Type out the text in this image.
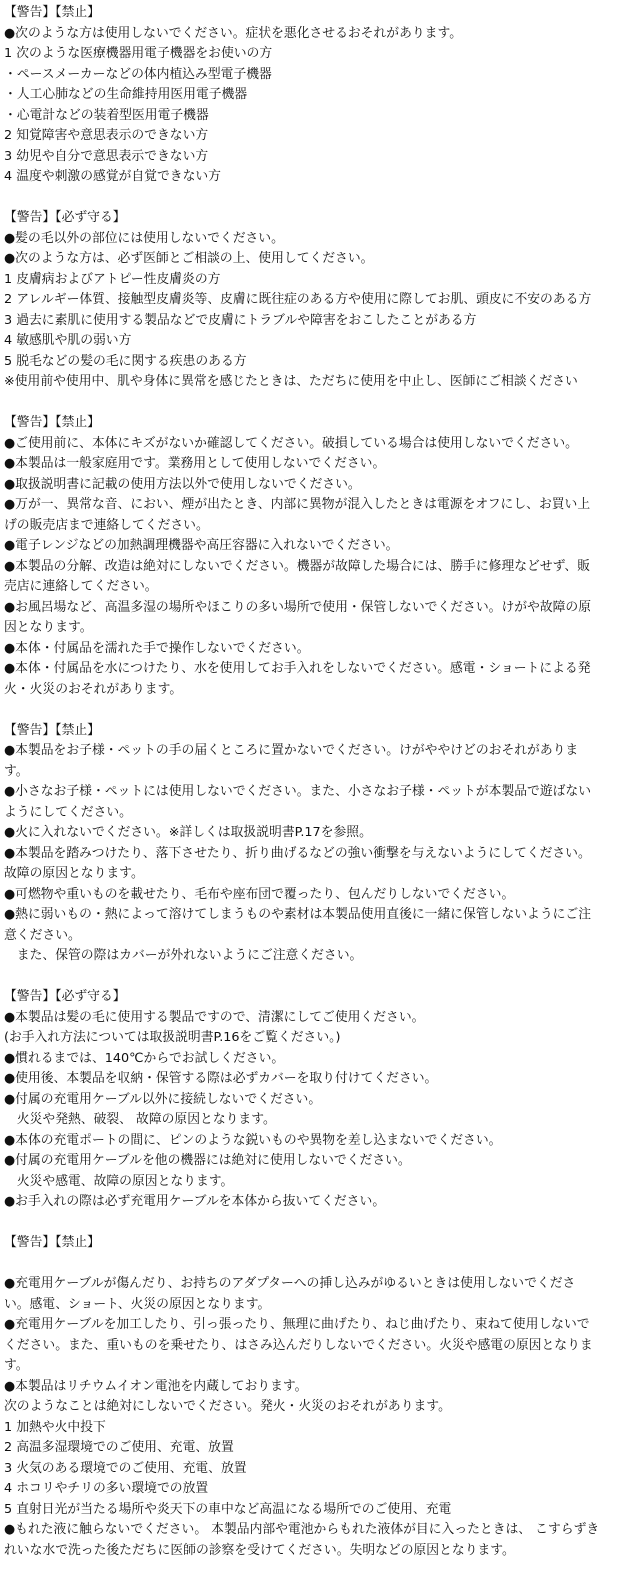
【警告】【禁止】
●次のような方は使用しないでください。症状を悪化させるおそれがあります。
1 次のような医療機器用電子機器をお使いの方
・ペースメーカーなどの体内植込み型電子機器
・人工心肺などの生命維持用医用電子機器
・心電計などの装着型医用電子機器
2 知覚障害や意思表示のできない方
3 幼児や自分で意思表示できない方
4 温度や刺激の感覚が自覚できない方
【警告】【必ず守る】
●髪の毛以外の部位には使用しないでください。
●次のような方は、必ず医師とご相談の上、使用してください。
1 皮膚病およびアトピー性皮膚炎の方
2 アレルギー体質、接触型皮膚炎等、皮膚に既往症のある方や使用に際してお肌、頭皮に不安のある方
3 過去に素肌に使用する製品などで皮膚にトラブルや障害をおこしたことがある方
4 敏感肌や肌の弱い方
5 脱毛などの髪の毛に関する疾患のある方
※使用前や使用中、肌や身体に異常を感じたときは、ただちに使用を中止し、医師にご相談ください
【警告】【禁止】
●ご使用前に、本体にキズがないか確認してください。破損している場合は使用しないでください。
●本製品は一般家庭用です。業務用として使用しないでください。
●取扱説明書に記載の使用方法以外で使用しないでください。
●万が一、異常な音、におい、煙が出たとき、内部に異物が混入したときは電源をオフにし、お買い上
げの販売店まで連絡してください。
●電子レンジなどの加熱調理機器や高圧容器に入れないでください。
●本製品の分解、改造は絶対にしないでください。機器が故障した場合には、勝手に修理などせず、販
売店に連絡してください。
●お風呂場など、高温多湿の場所やほこりの多い場所で使用・保管しないでください。けがや故障の原
因となります。
●本体・付属品を濡れた手で操作しないでください。
●本体・付属品を水につけたり、水を使用してお手入れをしないでください。感電・ショートによる発
火・火災のおそれがあります。
【警告】【禁止】
●本製品をお子様・ペットの手の届くところに置かないでください。けがややけどのおそれがありま
す。
●小さなお子様・ペットには使用しないでください。また、小さなお子様・ペットが本製品で遊ばない
ようにしてください。
●火に入れないでください。※詳しくは取扱説明書P.17を参照。
●本製品を踏みつけたり、落下させたり、折り曲げるなどの強い衝撃を与えないようにしてください。
故障の原因となります。
●可燃物や重いものを載せたり、毛布や座布団で覆ったり、包んだりしないでください。
●熱に弱いもの・熱によって溶けてしまうものや素材は本製品使用直後に一緒に保管しないようにご注
意ください。
　また、保管の際はカバーが外れないようにご注意ください。
【警告】【必ず守る】
●本製品は髪の毛に使用する製品ですので、清潔にしてご使用ください。
(お手入れ方法については取扱説明書P.16をご覧ください。)
●慣れるまでは、140℃からでお試しください。
●使用後、本製品を収納・保管する際は必ずカバーを取り付けてください。
●付属の充電用ケーブル以外に接続しないでください。
　火災や発熱、破裂、 故障の原因となります。
●本体の充電ポートの間に、ピンのような鋭いものや異物を差し込まないでください。
●付属の充電用ケーブルを他の機器には絶対に使用しないでください。
　火災や感電、故障の原因となります。
●お手入れの際は必ず充電用ケーブルを本体から抜いてください。
【警告】【禁止】
●充電用ケーブルが傷んだり、お持ちのアダプターへの挿し込みがゆるいときは使用しないでくださ
い。感電、ショート、火災の原因となります。
●充電用ケーブルを加工したり、引っ張ったり、無理に曲げたり、ねじ曲げたり、束ねて使用しないで
ください。また、重いものを乗せたり、はさみ込んだりしないでください。火災や感電の原因となりま
す。
●本製品はリチウムイオン電池を内蔵しております。
次のようなことは絶対にしないでください。発火・火災のおそれがあります。
1 加熱や火中投下
2 高温多湿環境でのご使用、充電、放置
3 火気のある環境でのご使用、充電、放置
4 ホコリやチリの多い環境での放置
5 直射日光が当たる場所や炎天下の車中など高温になる場所でのご使用、充電
●もれた液に触らないでください。 本製品内部や電池からもれた液体が目に入ったときは、 こすらずき
れいな水で洗った後ただちに医師の診察を受けてください。失明などの原因となります。
